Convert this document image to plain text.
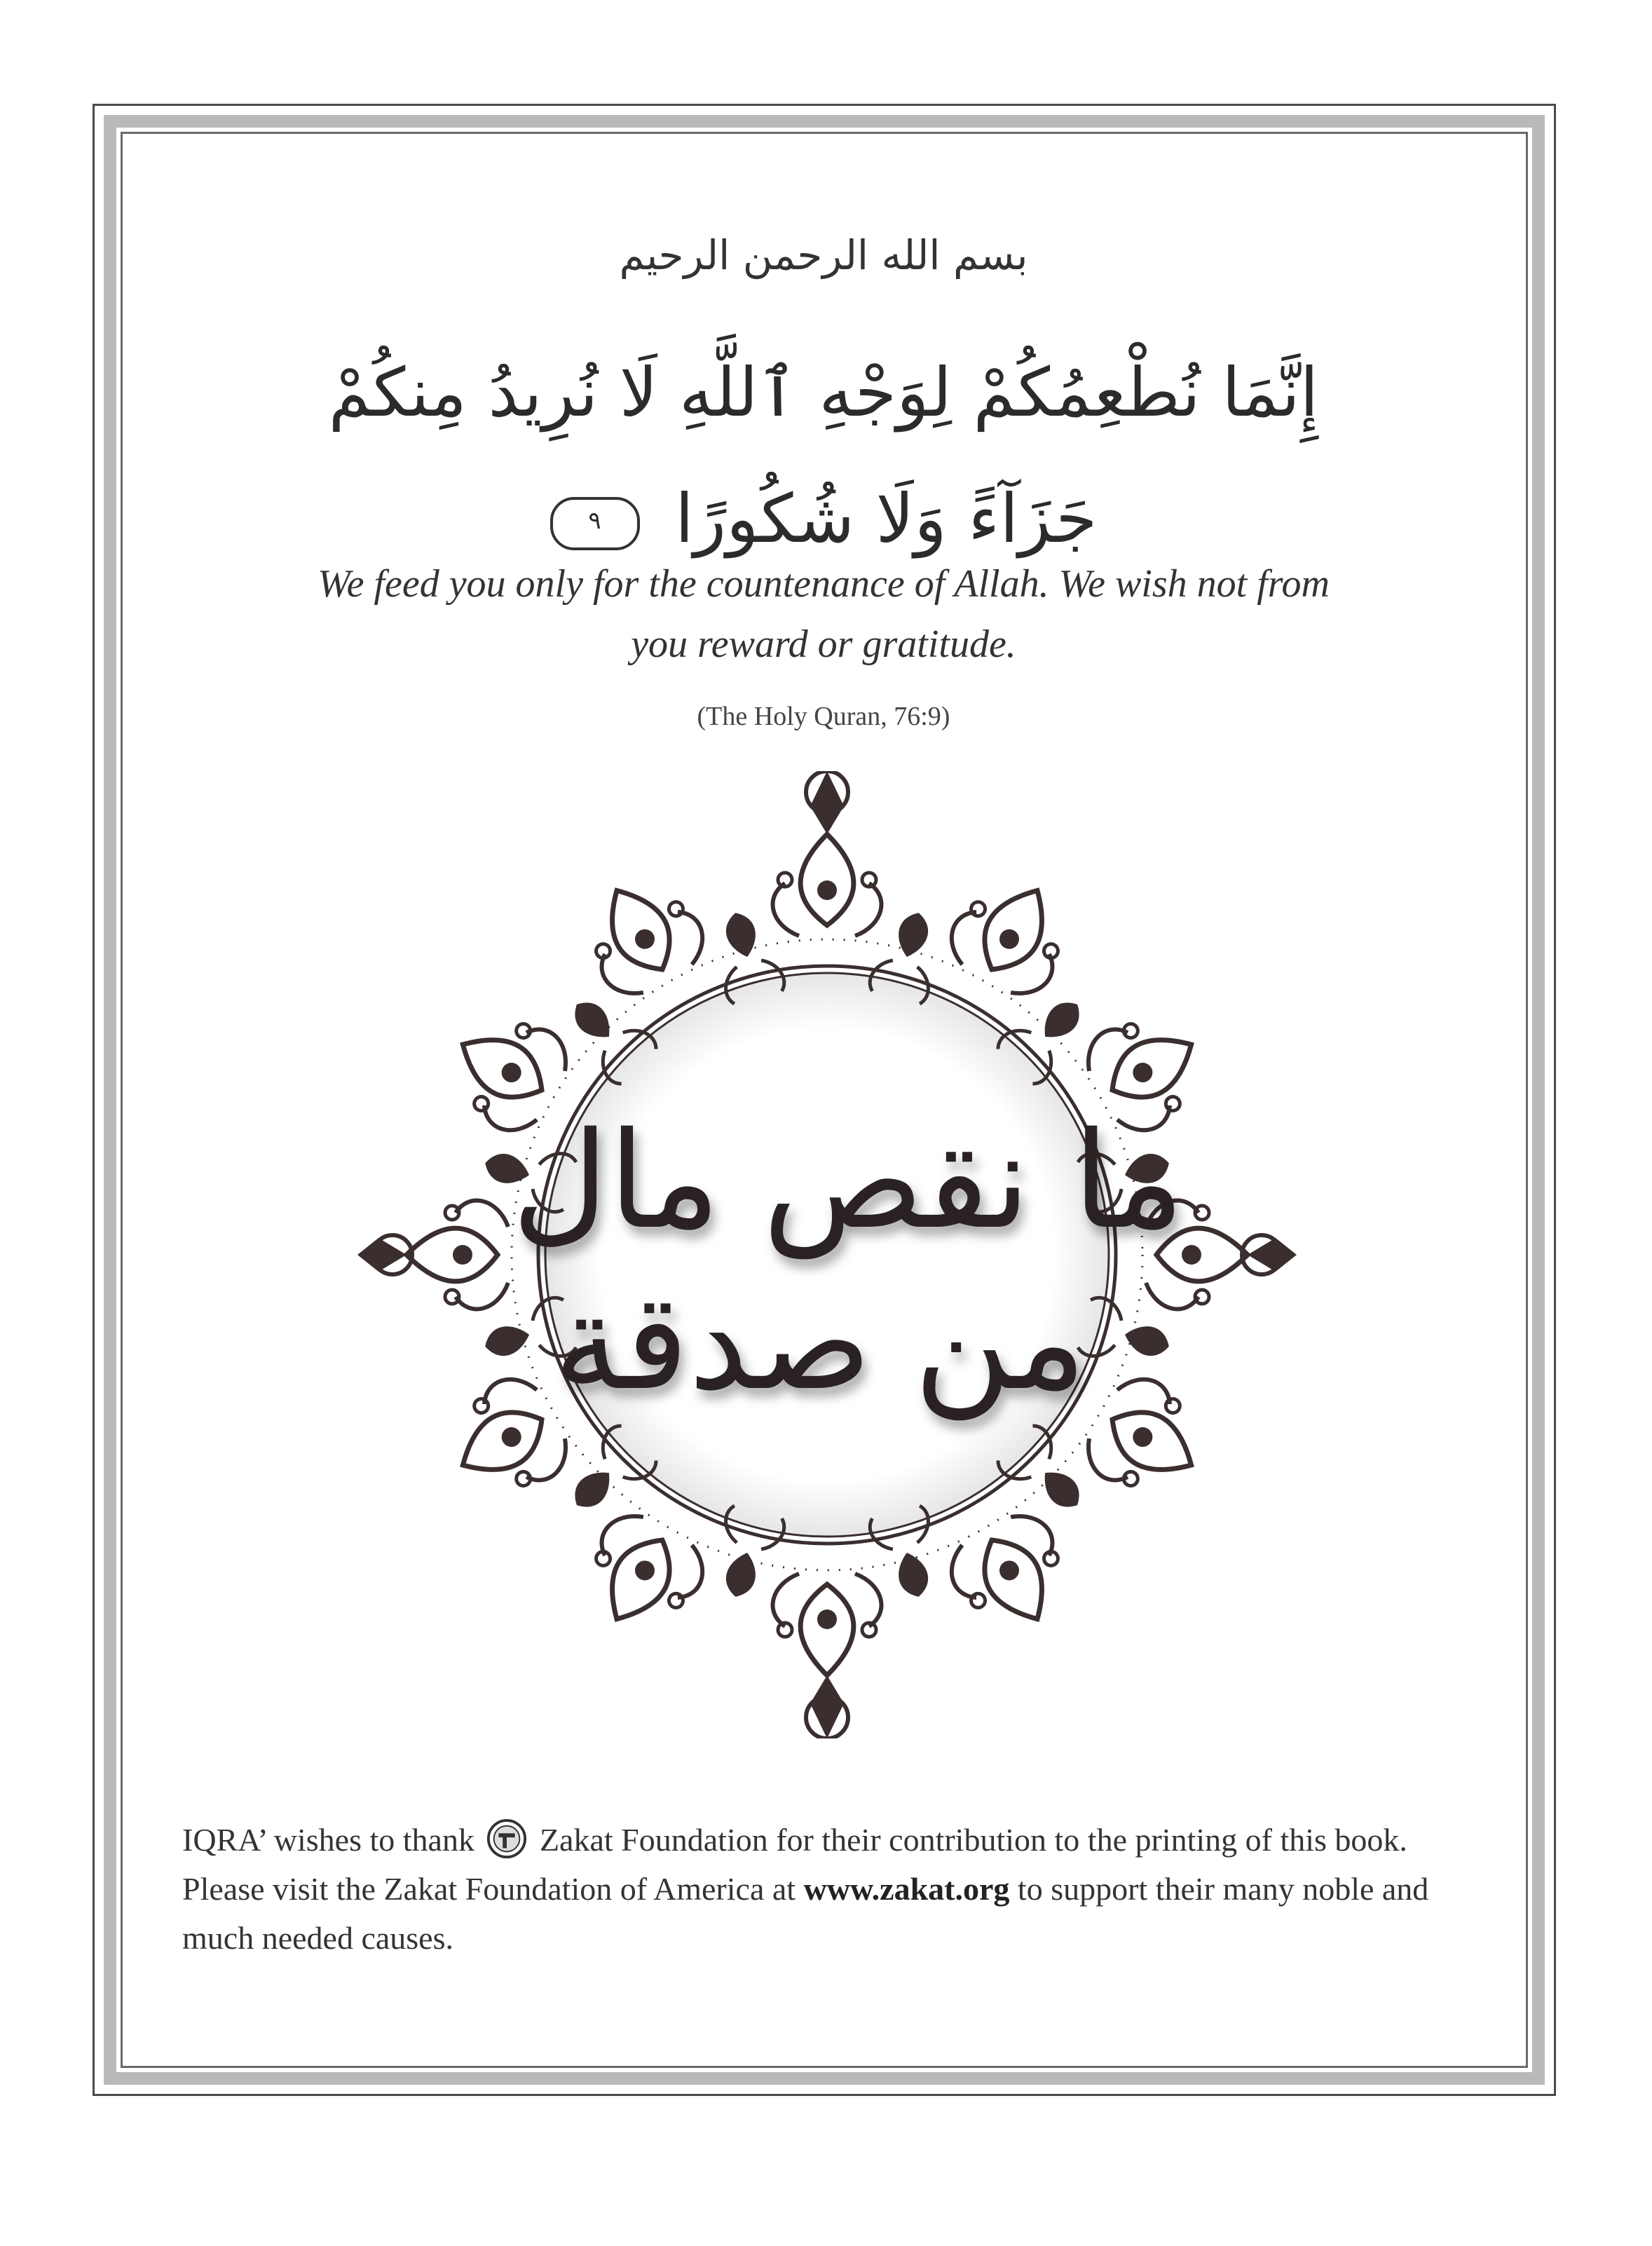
بسم الله الرحمن الرحيم
إِنَّمَا نُطْعِمُكُمْ لِوَجْهِ ٱللَّهِ لَا نُرِيدُ مِنكُمْ
جَزَآءً وَلَا شُكُورًا
٩
We feed you only for the countenance of Allah. We wish not from
you reward or gratitude.
(The Holy Quran, 76:9)
ما نقص مال
من صدقة
IQRA’ wishes to thank Zakat Foundation for their contribution to the printing of this book. Please visit the Zakat Foundation of America at www.zakat.org to support their many noble and much needed causes.
